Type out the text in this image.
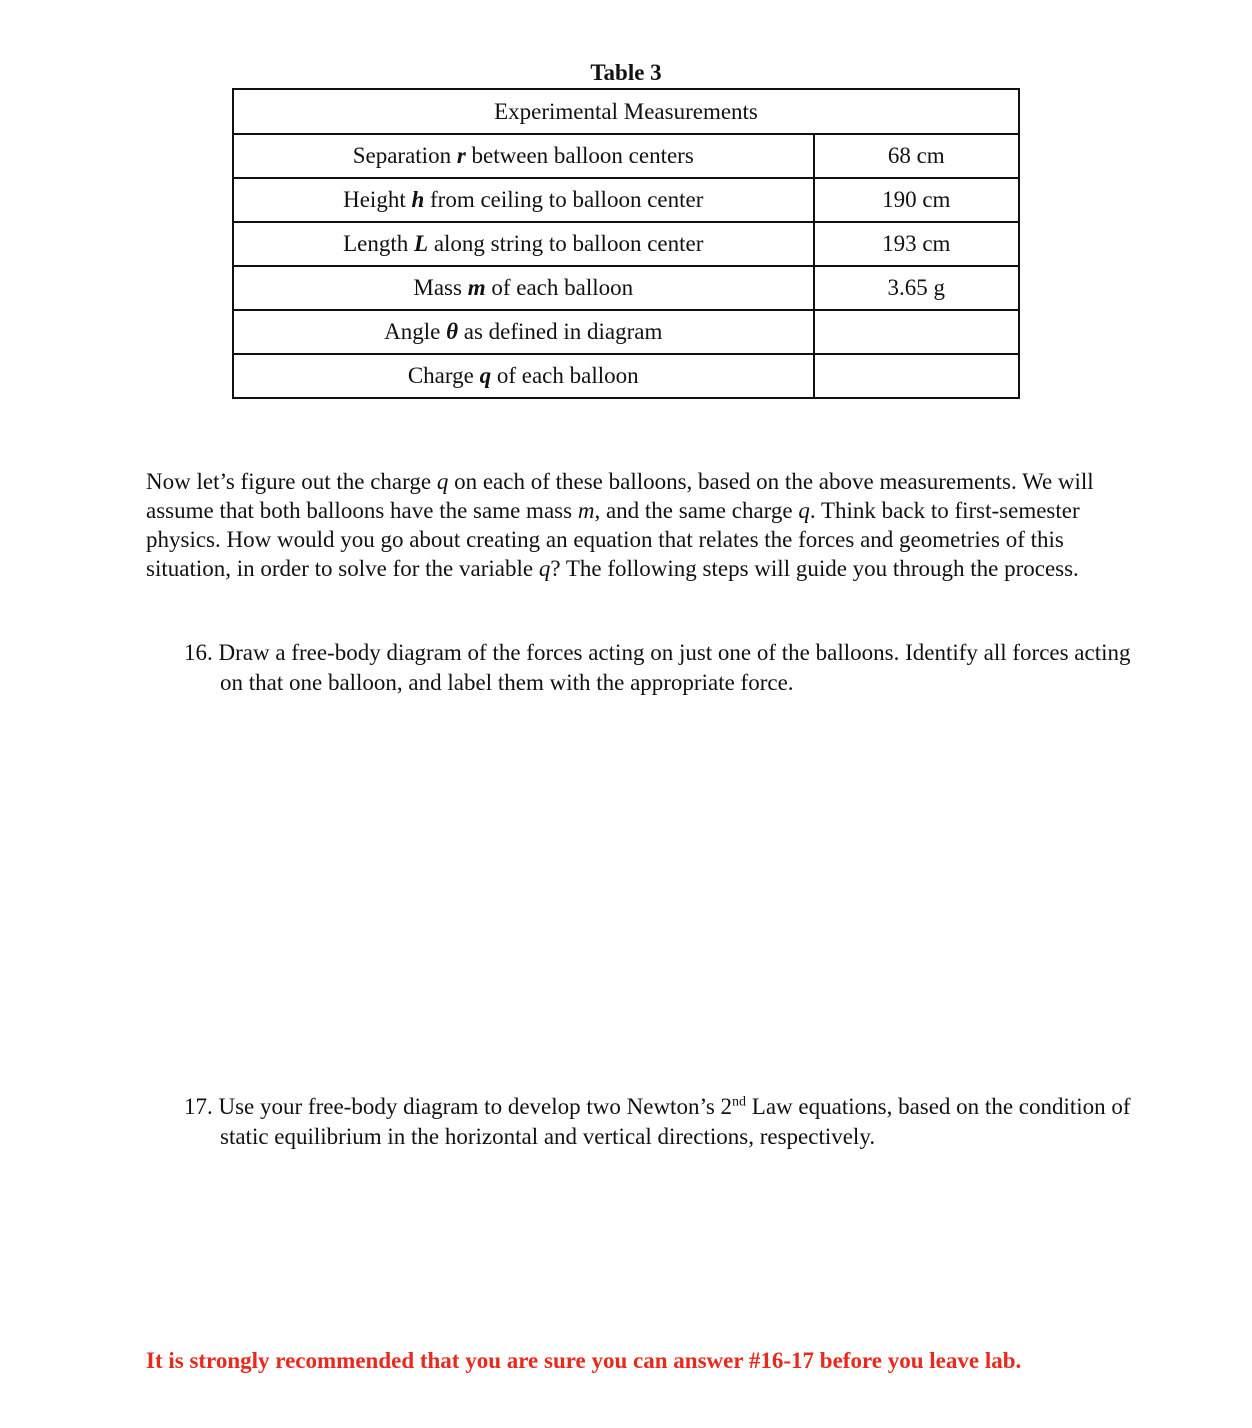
Table 3
Experimental Measurements	
Separation r between balloon centers	68 cm
Height h from ceiling to balloon center	190 cm
Length L along string to balloon center	193 cm
Mass m of each balloon	3.65 g
Angle θ as defined in diagram	
Charge q of each balloon	
Now let’s figure out the charge q on each of these balloons, based on the above measurements. We will assume that both balloons have the same mass m, and the same charge q. Think back to first-semester physics. How would you go about creating an equation that relates the forces and geometries of this situation, in order to solve for the variable q? The following steps will guide you through the process.
16. Draw a free-body diagram of the forces acting on just one of the balloons. Identify all forces acting on that one balloon, and label them with the appropriate force.
17. Use your free-body diagram to develop two Newton’s 2nd Law equations, based on the condition of static equilibrium in the horizontal and vertical directions, respectively.
It is strongly recommended that you are sure you can answer #16-17 before you leave lab.
